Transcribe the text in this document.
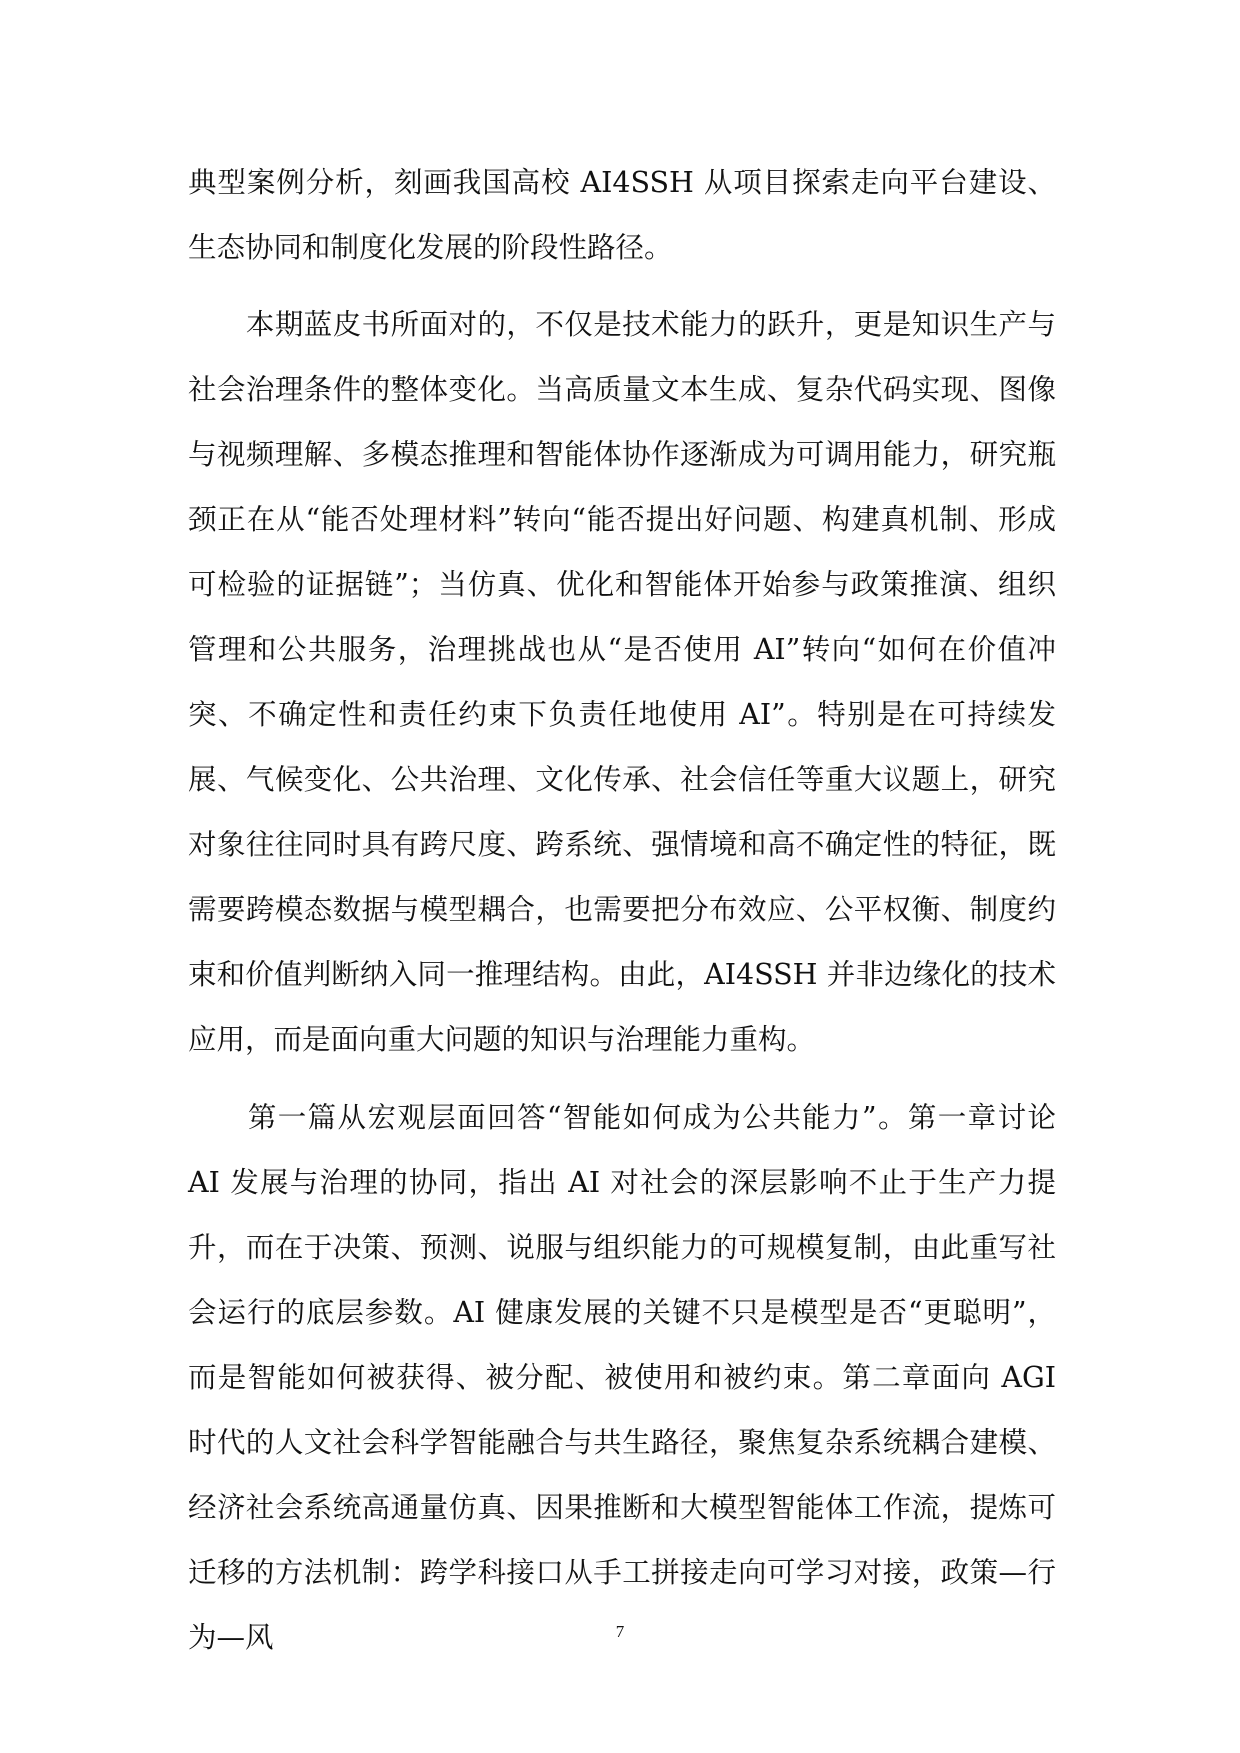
典型案例分析，刻画我国高校 AI4SSH 从项目探索走向平台建设、生态协同和制度化发展的阶段性路径。

　　本期蓝皮书所面对的，不仅是技术能力的跃升，更是知识生产与社会治理条件的整体变化。当高质量文本生成、复杂代码实现、图像与视频理解、多模态推理和智能体协作逐渐成为可调用能力，研究瓶颈正在从“能否处理材料”转向“能否提出好问题、构建真机制、形成可检验的证据链”；当仿真、优化和智能体开始参与政策推演、组织管理和公共服务，治理挑战也从“是否使用 AI”转向“如何在价值冲突、不确定性和责任约束下负责任地使用 AI”。特别是在可持续发展、气候变化、公共治理、文化传承、社会信任等重大议题上，研究对象往往同时具有跨尺度、跨系统、强情境和高不确定性的特征，既需要跨模态数据与模型耦合，也需要把分布效应、公平权衡、制度约束和价值判断纳入同一推理结构。由此，AI4SSH 并非边缘化的技术应用，而是面向重大问题的知识与治理能力重构。

　　第一篇从宏观层面回答“智能如何成为公共能力”。第一章讨论 AI 发展与治理的协同，指出 AI 对社会的深层影响不止于生产力提升，而在于决策、预测、说服与组织能力的可规模复制，由此重写社会运行的底层参数。AI 健康发展的关键不只是模型是否“更聪明”，而是智能如何被获得、被分配、被使用和被约束。第二章面向 AGI 时代的人文社会科学智能融合与共生路径，聚焦复杂系统耦合建模、经济社会系统高通量仿真、因果推断和大模型智能体工作流，提炼可迁移的方法机制：跨学科接口从手工拼接走向可学习对接，政策—行为—风	7
